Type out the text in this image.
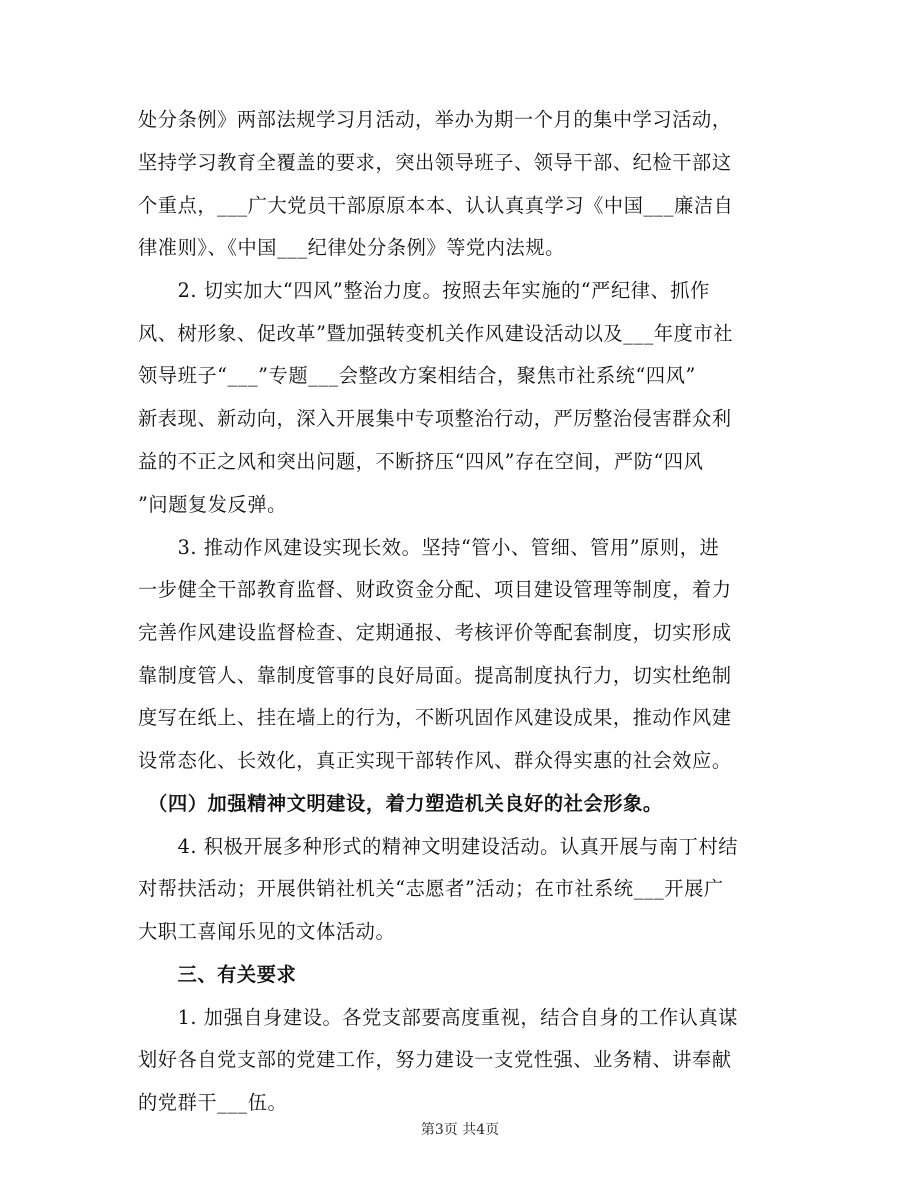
处分条例》两部法规学习月活动，举办为期一个月的集中学习活动，
坚持学习教育全覆盖的要求，突出领导班子、领导干部、纪检干部这
个重点，___广大党员干部原原本本、认认真真学习《中国___廉洁自
律准则》、《中国___纪律处分条例》等党内法规。
　　2. 切实加大“四风”整治力度。按照去年实施的“严纪律、抓作
风、树形象、促改革”暨加强转变机关作风建设活动以及___年度市社
领导班子“___”专题___会整改方案相结合，聚焦市社系统“四风”
新表现、新动向，深入开展集中专项整治行动，严厉整治侵害群众利
益的不正之风和突出问题，不断挤压“四风”存在空间，严防“四风
”问题复发反弹。
　　3. 推动作风建设实现长效。坚持“管小、管细、管用”原则，进
一步健全干部教育监督、财政资金分配、项目建设管理等制度，着力
完善作风建设监督检查、定期通报、考核评价等配套制度，切实形成
靠制度管人、靠制度管事的良好局面。提高制度执行力，切实杜绝制
度写在纸上、挂在墙上的行为，不断巩固作风建设成果，推动作风建
设常态化、长效化，真正实现干部转作风、群众得实惠的社会效应。
　（四）加强精神文明建设，着力塑造机关良好的社会形象。
　　4. 积极开展多种形式的精神文明建设活动。认真开展与南丁村结
对帮扶活动；开展供销社机关“志愿者”活动；在市社系统___开展广
大职工喜闻乐见的文体活动。
　　三、有关要求
　　1. 加强自身建设。各党支部要高度重视，结合自身的工作认真谋
划好各自党支部的党建工作，努力建设一支党性强、业务精、讲奉献
的党群干___伍。
第3页 共4页
